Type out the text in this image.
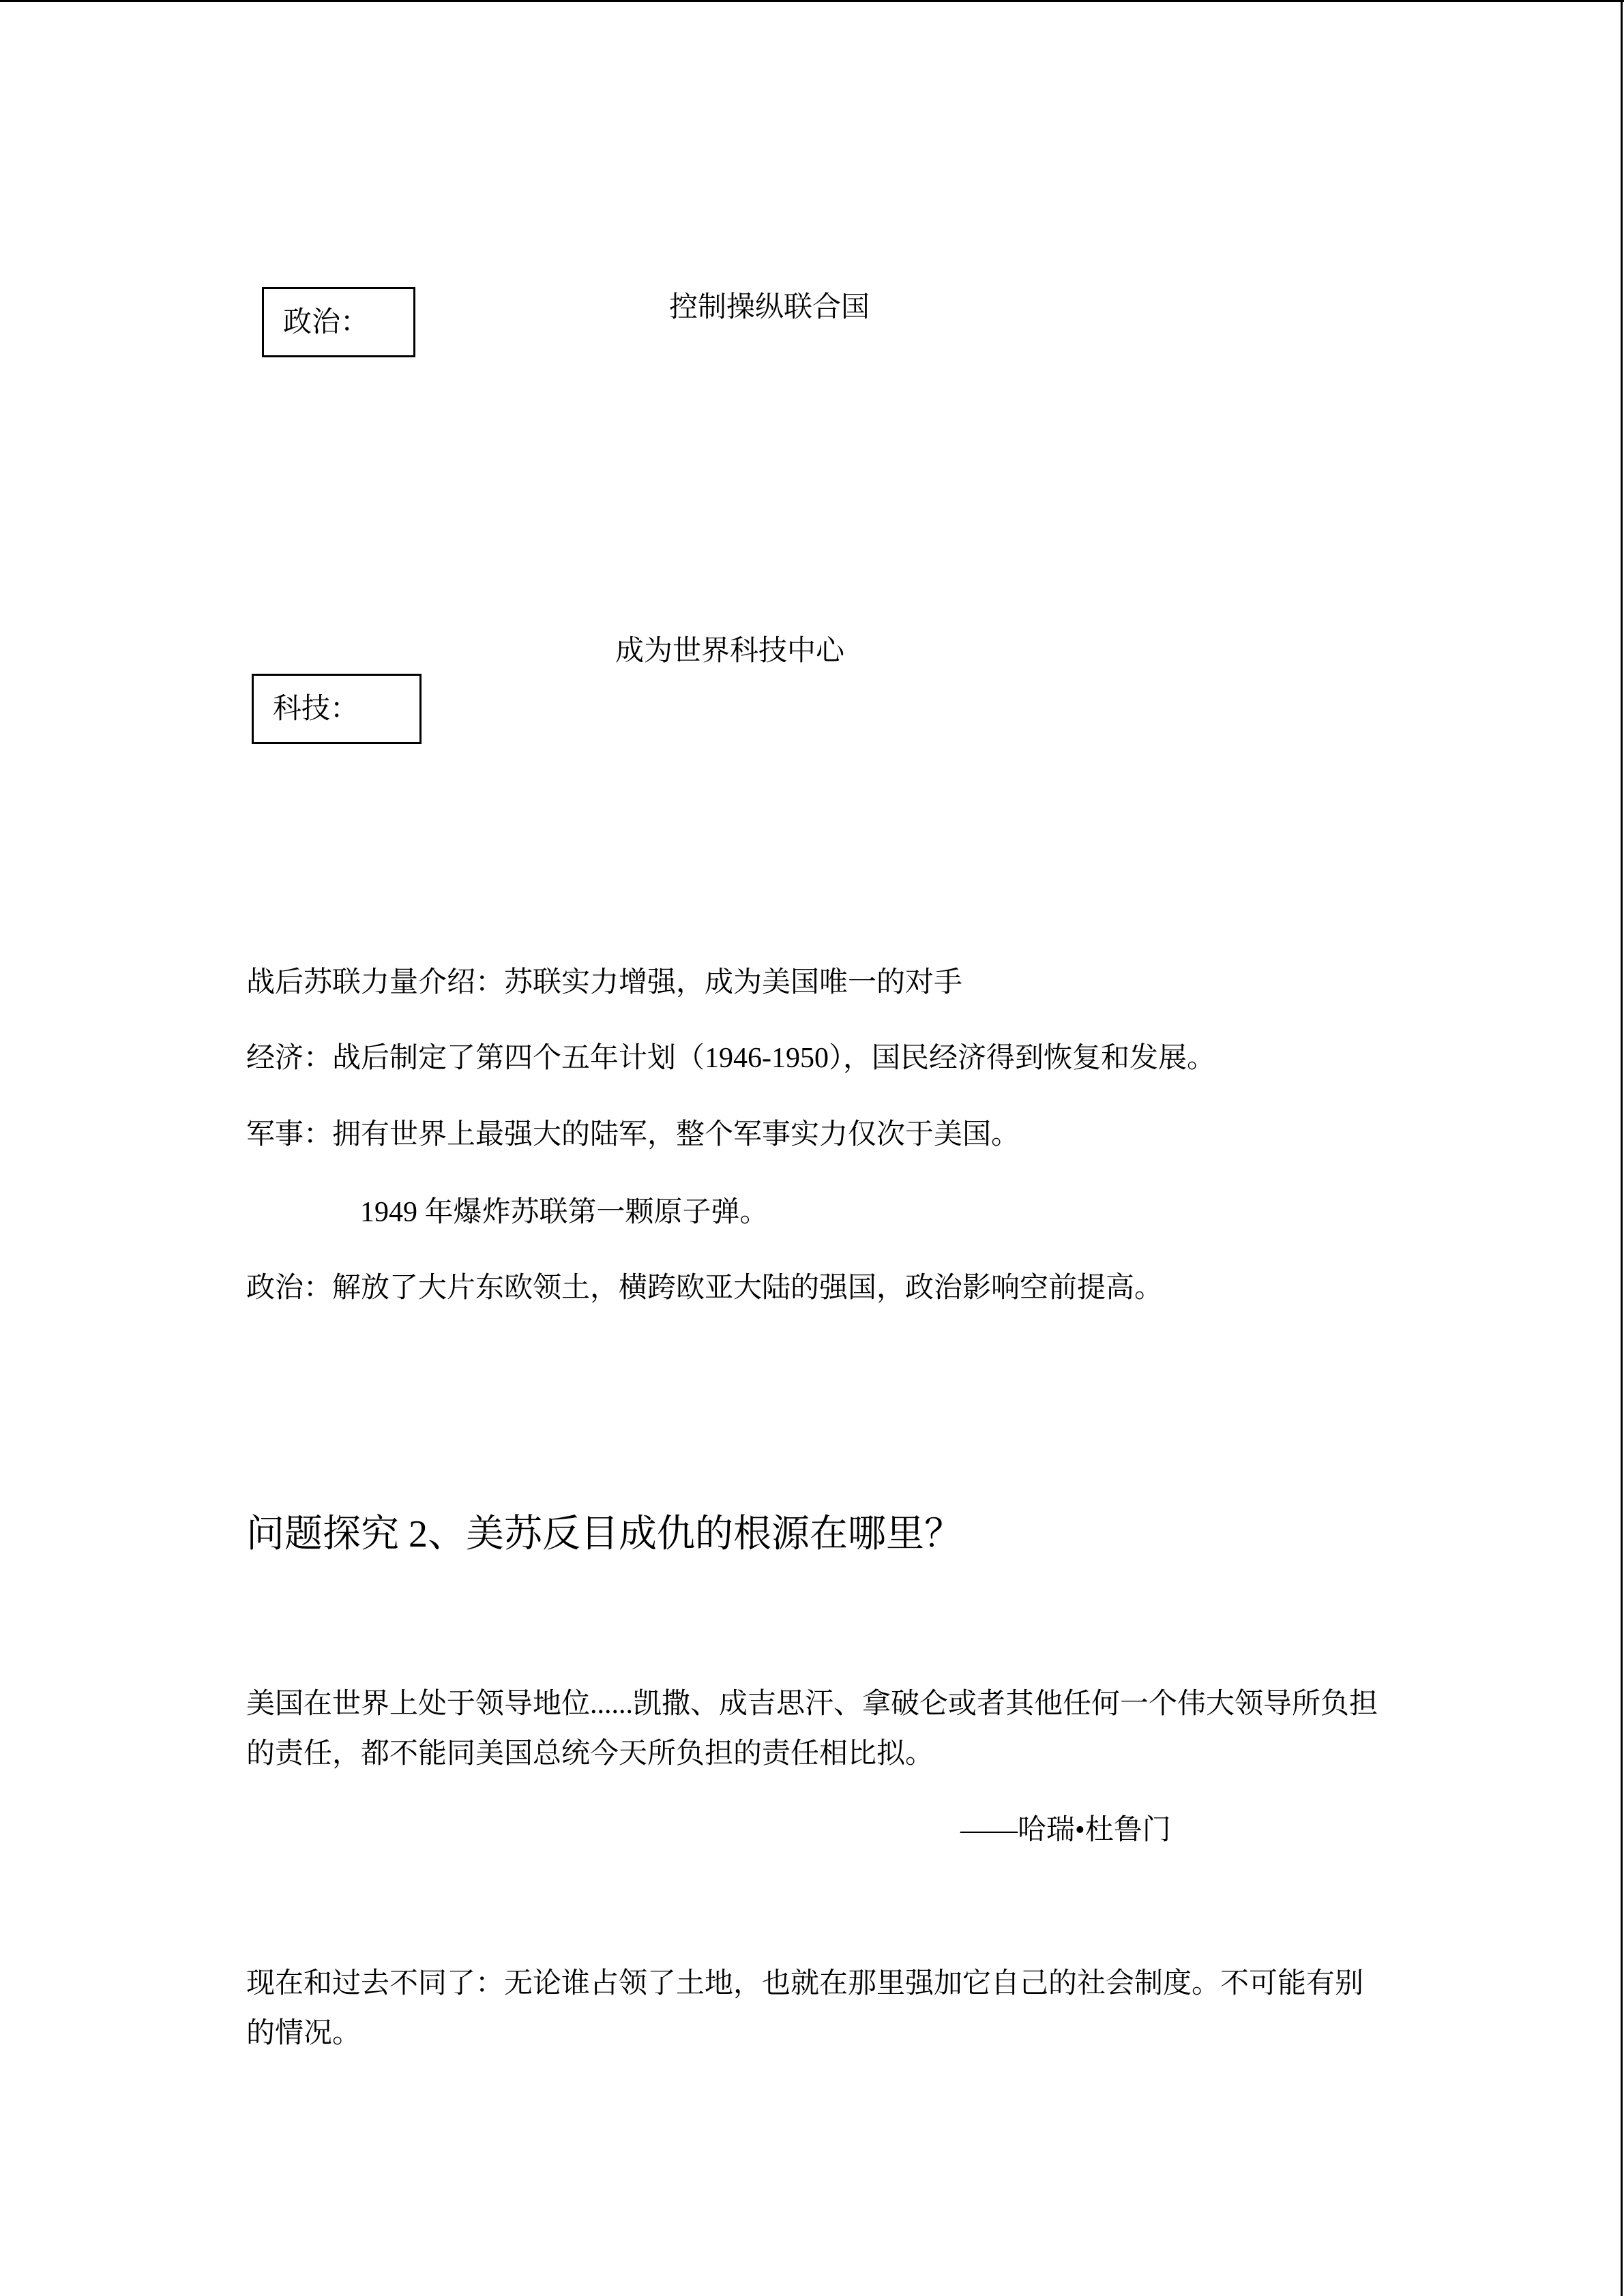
政治：	控制操纵联合国
成为世界科技中心
科技：
战后苏联力量介绍：苏联实力增强，成为美国唯一的对手
经济：战后制定了第四个五年计划（1946-1950），国民经济得到恢复和发展。
军事：拥有世界上最强大的陆军，整个军事实力仅次于美国。
1949 年爆炸苏联第一颗原子弹。
政治：解放了大片东欧领土，横跨欧亚大陆的强国，政治影响空前提高。
问题探究 2、美苏反目成仇的根源在哪里？
美国在世界上处于领导地位......凯撒、成吉思汗、拿破仑或者其他任何一个伟大领导所负担
的责任，都不能同美国总统今天所负担的责任相比拟。
——哈瑞•杜鲁门
现在和过去不同了：无论谁占领了土地，也就在那里强加它自己的社会制度。不可能有别
的情况。
